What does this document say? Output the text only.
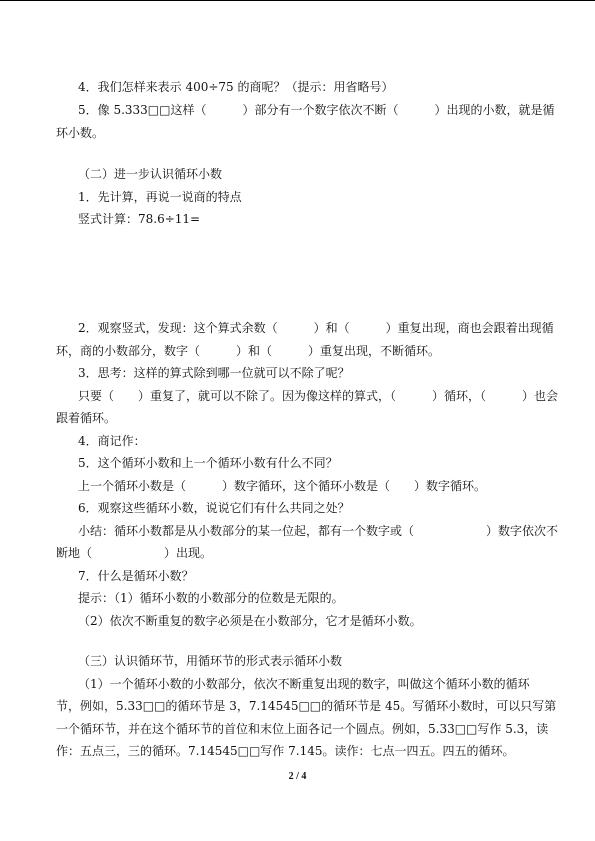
4．我们怎样来表示 400÷75 的商呢？（提示：用省略号）
5．像 5.333□□这样（　　　）部分有一个数字依次不断（　　　）出现的小数，就是循
环小数。
（二）进一步认识循环小数
1．先计算，再说一说商的特点
竖式计算：78.6÷11=
2．观察竖式，发现：这个算式余数（　　　）和（　　　）重复出现，商也会跟着出现循
环，商的小数部分，数字（　　　）和（　　　）重复出现，不断循环。
3．思考：这样的算式除到哪一位就可以不除了呢？
只要（　　）重复了，就可以不除了。因为像这样的算式，（　　　）循环，（　　　）也会
跟着循环。
4．商记作：
5．这个循环小数和上一个循环小数有什么不同？
上一个循环小数是（　　　）数字循环，这个循环小数是（　　）数字循环。
6．观察这些循环小数，说说它们有什么共同之处？
小结：循环小数都是从小数部分的某一位起，都有一个数字或（　　　　　　）数字依次不
断地（　　　　　　）出现。
7．什么是循环小数？
提示：（1）循环小数的小数部分的位数是无限的。
（2）依次不断重复的数字必须是在小数部分，它才是循环小数。
（三）认识循环节，用循环节的形式表示循环小数
（1）一个循环小数的小数部分，依次不断重复出现的数字，叫做这个循环小数的循环
节，例如，5.33□□的循环节是 3，7.14545□□的循环节是 45。写循环小数时，可以只写第
一个循环节，并在这个循环节的首位和末位上面各记一个圆点。例如，5.33□□写作 5.3，读
作：五点三，三的循环。7.14545□□写作 7.145。读作：七点一四五。四五的循环。
2 / 4
